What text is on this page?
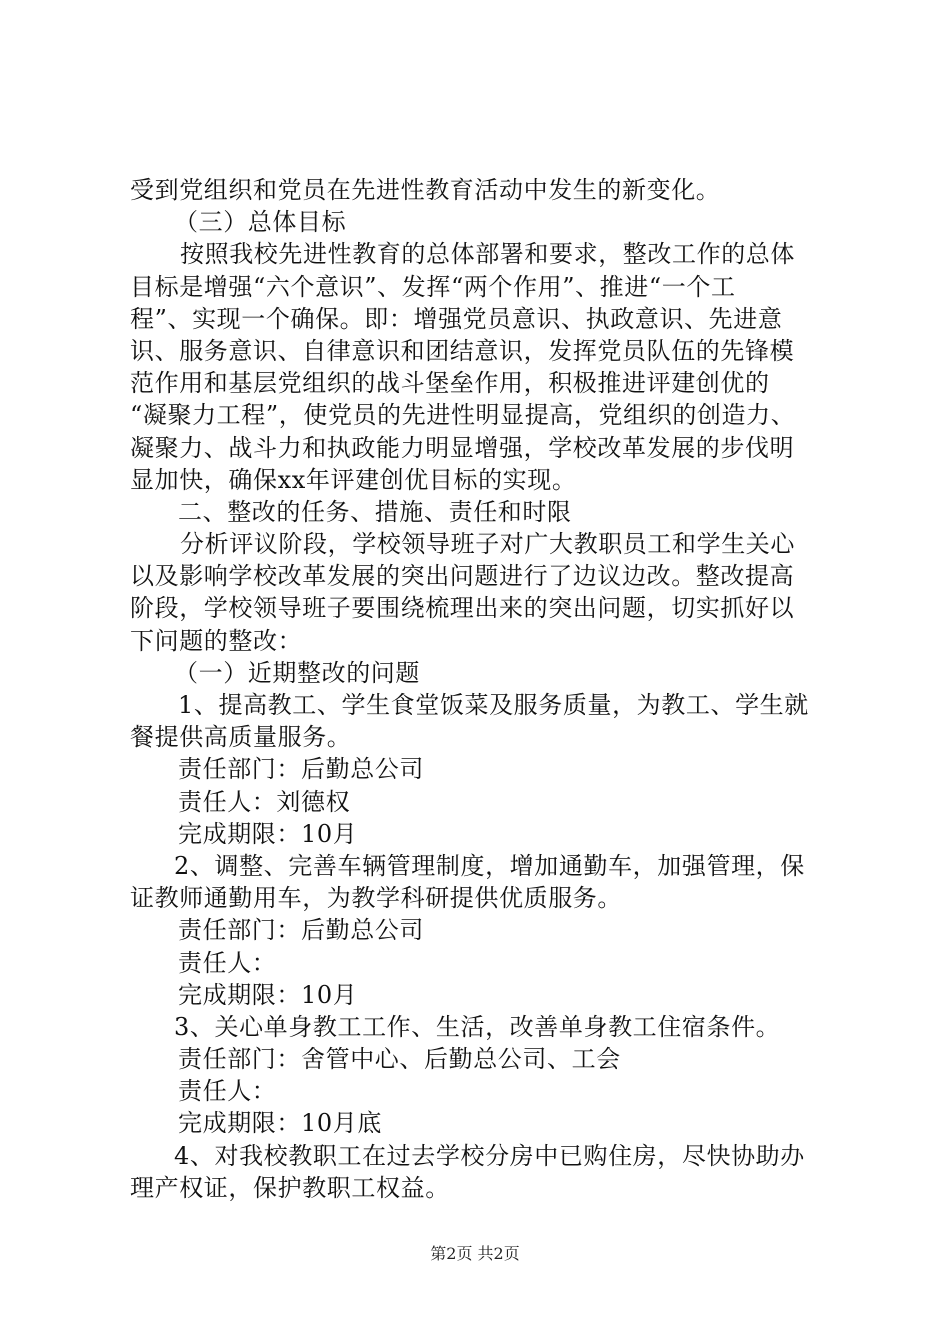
受到党组织和党员在先进性教育活动中发生的新变化。
（三）总体目标
按照我校先进性教育的总体部署和要求，整改工作的总体
目标是增强“六个意识”、发挥“两个作用”、推进“一个工
程”、实现一个确保。即：增强党员意识、执政意识、先进意
识、服务意识、自律意识和团结意识，发挥党员队伍的先锋模
范作用和基层党组织的战斗堡垒作用，积极推进评建创优的
“凝聚力工程”，使党员的先进性明显提高，党组织的创造力、
凝聚力、战斗力和执政能力明显增强，学校改革发展的步伐明
显加快，确保xx年评建创优目标的实现。
二、整改的任务、措施、责任和时限
分析评议阶段，学校领导班子对广大教职员工和学生关心
以及影响学校改革发展的突出问题进行了边议边改。整改提高
阶段，学校领导班子要围绕梳理出来的突出问题，切实抓好以
下问题的整改：
（一）近期整改的问题
1、提高教工、学生食堂饭菜及服务质量，为教工、学生就
餐提供高质量服务。
责任部门：后勤总公司
责任人：刘德权
完成期限：10月
2、调整、完善车辆管理制度，增加通勤车，加强管理，保
证教师通勤用车，为教学科研提供优质服务。
责任部门：后勤总公司
责任人：
完成期限：10月
3、关心单身教工工作、生活，改善单身教工住宿条件。
责任部门：舍管中心、后勤总公司、工会
责任人：
完成期限：10月底
4、对我校教职工在过去学校分房中已购住房，尽快协助办
理产权证，保护教职工权益。
第2页 共2页
